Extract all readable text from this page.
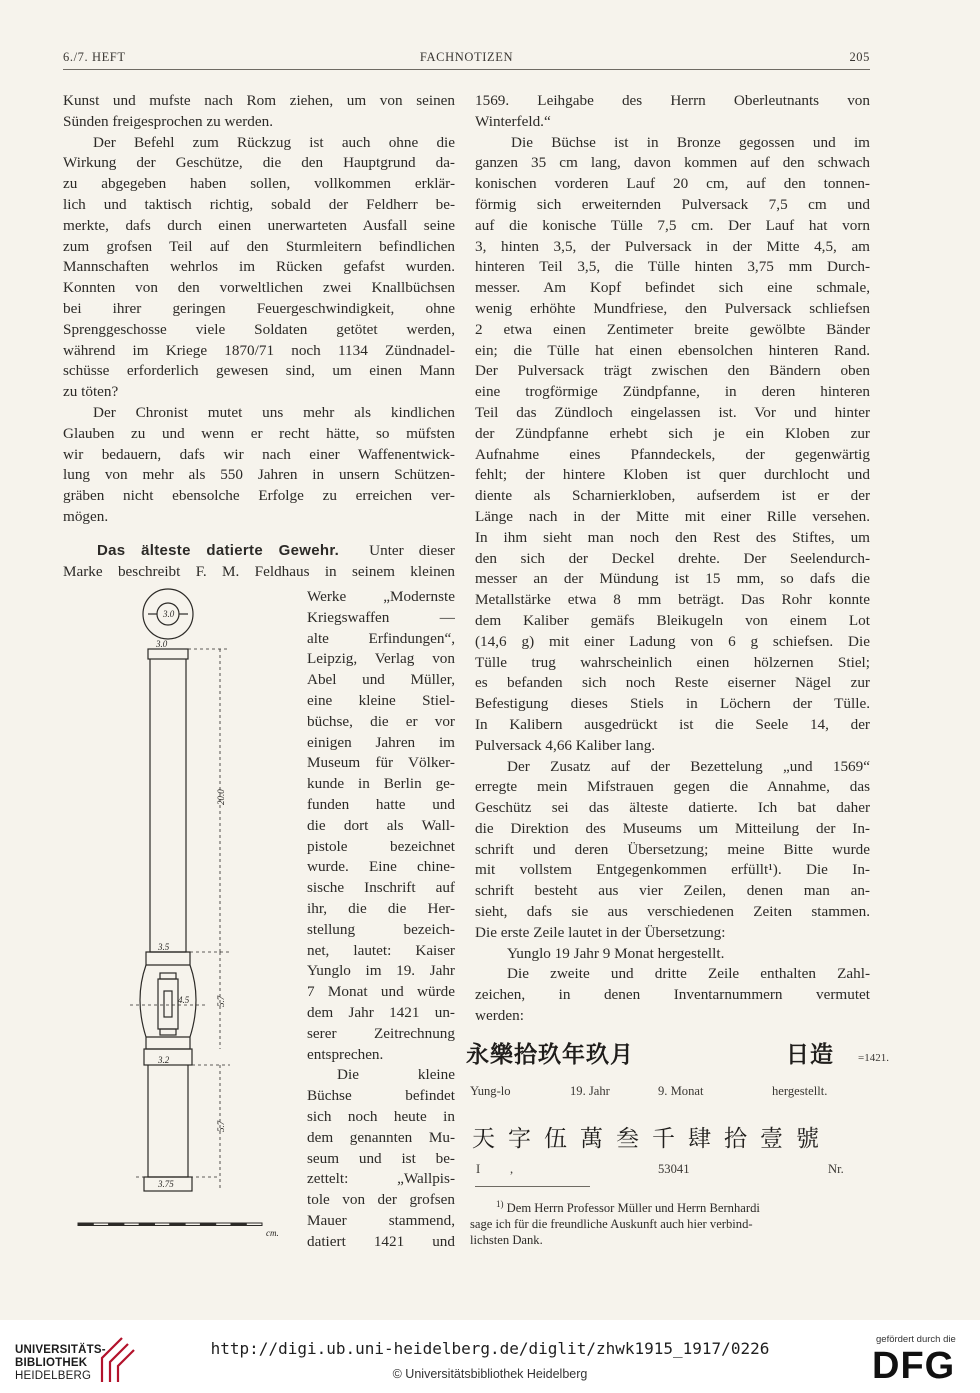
6./7. HEFT	FACHNOTIZEN	205
Kunst und mufste nach Rom ziehen, um von seinen
Sünden freigesprochen zu werden.
Der Befehl zum Rückzug ist auch ohne die
Wirkung der Geschütze, die den Hauptgrund da-
zu abgegeben haben sollen, vollkommen erklär-
lich und taktisch richtig, sobald der Feldherr be-
merkte, dafs durch einen unerwarteten Ausfall seine
zum grofsen Teil auf den Sturmleitern befindlichen
Mannschaften wehrlos im Rücken gefafst wurden.
Konnten von den vorweltlichen zwei Knallbüchsen
bei ihrer geringen Feuergeschwindigkeit, ohne
Sprenggeschosse viele Soldaten getötet werden,
während im Kriege 1870/71 noch 1134 Zündnadel-
schüsse erforderlich gewesen sind, um einen Mann
zu töten?
Der Chronist mutet uns mehr als kindlichen
Glauben zu und wenn er recht hätte, so müfsten
wir bedauern, dafs wir nach einer Waffenentwick-
lung von mehr als 550 Jahren in unsern Schützen-
gräben nicht ebensolche Erfolge zu erreichen ver-
mögen.
Das älteste datierte Gewehr. Unter dieser
Marke beschreibt F. M. Feldhaus in seinem kleinen
3.0
3.0
20.0
3.5
4.5	5.7
3.2
5.7
3.75
cm.
Werke „Modernste
Kriegswaffen —
alte Erfindungen“,
Leipzig, Verlag von
Abel und Müller,
eine kleine Stiel-
büchse, die er vor
einigen Jahren im
Museum für Völker-
kunde in Berlin ge-
funden hatte und
die dort als Wall-
pistole bezeichnet
wurde. Eine chine-
sische Inschrift auf
ihr, die die Her-
stellung bezeich-
net, lautet: Kaiser
Yunglo im 19. Jahr
7 Monat und würde
dem Jahr 1421 un-
serer Zeitrechnung
entsprechen.
Die kleine
Büchse befindet
sich noch heute in
dem genannten Mu-
seum und ist be-
zettelt: „Wallpis-
tole von der grofsen
Mauer stammend,
datiert 1421 und
1569. Leihgabe des Herrn Oberleutnants von
Winterfeld.“
Die Büchse ist in Bronze gegossen und im
ganzen 35 cm lang, davon kommen auf den schwach
konischen vorderen Lauf 20 cm, auf den tonnen-
förmig sich erweiternden Pulversack 7,5 cm und
auf die konische Tülle 7,5 cm. Der Lauf hat vorn
3, hinten 3,5, der Pulversack in der Mitte 4,5, am
hinteren Teil 3,5, die Tülle hinten 3,75 mm Durch-
messer. Am Kopf befindet sich eine schmale,
wenig erhöhte Mundfriese, den Pulversack schliefsen
2 etwa einen Zentimeter breite gewölbte Bänder
ein; die Tülle hat einen ebensolchen hinteren Rand.
Der Pulversack trägt zwischen den Bändern oben
eine trogförmige Zündpfanne, in deren hinteren
Teil das Zündloch eingelassen ist. Vor und hinter
der Zündpfanne erhebt sich je ein Kloben zur
Aufnahme eines Pfanndeckels, der gegenwärtig
fehlt; der hintere Kloben ist quer durchlocht und
diente als Scharnierkloben, aufserdem ist er der
Länge nach in der Mitte mit einer Rille versehen.
In ihm sieht man noch den Rest des Stiftes, um
den sich der Deckel drehte. Der Seelendurch-
messer an der Mündung ist 15 mm, so dafs die
Metallstärke etwa 8 mm beträgt. Das Rohr konnte
dem Kaliber gemäfs Bleikugeln von einem Lot
(14,6 g) mit einer Ladung von 6 g schiefsen. Die
Tülle trug wahrscheinlich einen hölzernen Stiel;
es befanden sich noch Reste eiserner Nägel zur
Befestigung dieses Stiels in Löchern der Tülle.
In Kalibern ausgedrückt ist die Seele 14, der
Pulversack 4,66 Kaliber lang.
Der Zusatz auf der Bezettelung „und 1569“
erregte mein Mifstrauen gegen die Annahme, das
Geschütz sei das älteste datierte. Ich bat daher
die Direktion des Museums um Mitteilung der In-
schrift und deren Übersetzung; meine Bitte wurde
mit vollstem Entgegenkommen erfüllt¹). Die In-
schrift besteht aus vier Zeilen, denen man an-
sieht, dafs sie aus verschiedenen Zeiten stammen.
Die erste Zeile lautet in der Übersetzung:
Yunglo 19 Jahr 9 Monat hergestellt.
Die zweite und dritte Zeile enthalten Zahl-
zeichen, in denen Inventarnummern vermutet
werden:
永樂拾玖年玖月	日造 =1421.
Yung-lo	19. Jahr	9. Monat	hergestellt.
天字伍萬叁千肆拾壹號
I ,	53041	Nr.
$^{1)}$ Dem Herrn Professor Müller und Herrn Bernhardi
sage ich für die freundliche Auskunft auch hier verbind-
lichsten Dank.
UNIVERSITÄTS-
BIBLIOTHEK
HEIDELBERG
http://digi.ub.uni-heidelberg.de/diglit/zhwk1915_1917/0226
© Universitätsbibliothek Heidelberg
gefördert durch die
DFG
